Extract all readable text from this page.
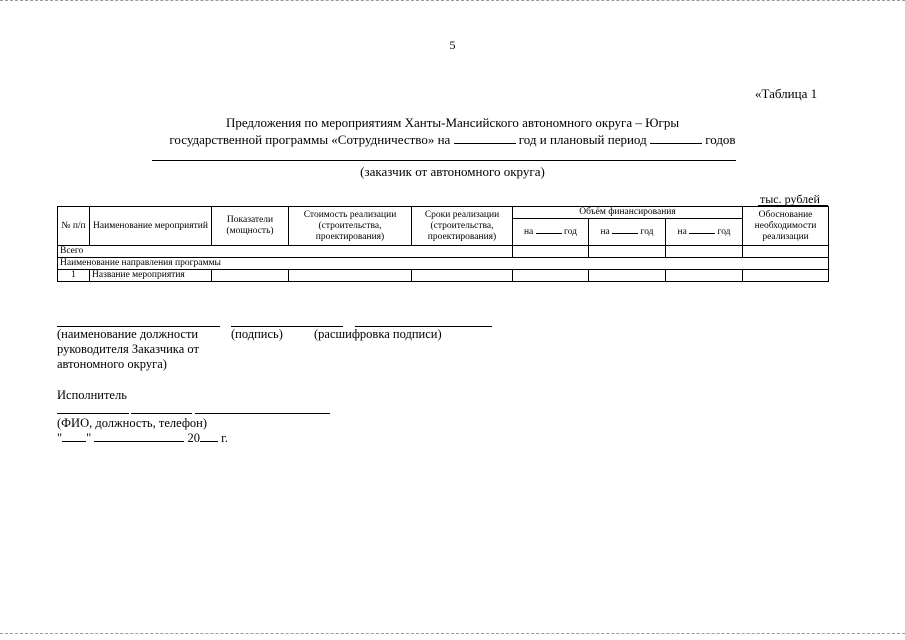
5
«Таблица 1
Предложения по мероприятиям Ханты-Мансийского автономного округа – Югры
государственной программы «Сотрудничество» на	год и плановый период	годов
(заказчик от автономного округа)
тыс. рублей
№ п/п	Наименование мероприятий	Показатели (мощность)	Стоимость реализации (строительства, проектирования)	Сроки реализации (строительства, проектирования)	Объём финансирования			Обоснование необходимости реализации
					на год	на год	на год	
Всего								
Наименование направления программы								
1	Название мероприятия							
(наименование должности
руководителя Заказчика от
автономного округа)
(подпись) (расшифровка подписи)
Исполнитель
(ФИО, должность, телефон)
" "	20 г.
